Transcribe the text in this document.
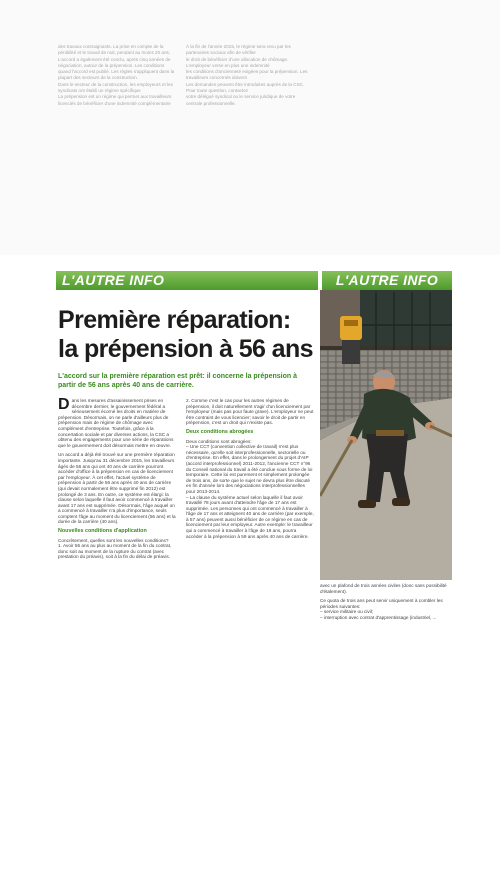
des travaux contraignants. La prise en compte de la pénibilité et le travail de nuit, pendant au moins 20 ans,
L'accord a également été conclu, après cinq années de négociation, autour de la prépension. Les conditions
quand l'accord est publié. Les règles s'appliquent dans la plupart des secteurs de la construction.
Dans le secteur de la construction, les employeurs et les syndicats ont établi un régime spécifique
La prépension est un régime qui permet aux travailleurs licenciés de bénéficier d'une indemnité complémentaire
À la fin de l'année 2015, le régime sera revu par les partenaires sociaux afin de vérifier
le droit de bénéficier d'une allocation de chômage. L'employeur verse en plus une indemnité
les conditions d'ancienneté exigées pour la prépension. Les travailleurs concernés doivent
Les demandes peuvent être introduites auprès de la CSC. Pour toute question, contactez
votre délégué syndical ou le service juridique de votre centrale professionnelle.
L'AUTRE INFO	L'AUTRE INFO
Première réparation:
la prépension à 56 ans
L'accord sur la première réparation est prêt: il concerne la prépension à partir de 56 ans après 40 ans de carrière.

Dans les mesures d'assainissement prises en décembre dernier, le gouvernement fédéral a sérieusement écorné les droits en matière de prépension. Désormais, on ne parle d'ailleurs plus de prépension mais de régime de chômage avec complément d'entreprise. Toutefois, grâce à la concertation sociale et par diverses actions, la CSC a obtenu des engagements pour une série de réparations que le gouvernement doit désormais mettre en œuvre.

Un accord a déjà été trouvé sur une première réparation importante. Jusqu'au 31 décembre 2015, les travailleurs âgés de 56 ans qui ont 40 ans de carrière pourront accéder d'office à la prépension en cas de licenciement par l'employeur. À cet effet, l'actuel système de prépension à partir de 56 ans après 40 ans de carrière (qui devait normalement être supprimé fin 2012) est prolongé de 3 ans. En outre, ce système est élargi: la clause selon laquelle il faut avoir commencé à travailler avant 17 ans est supprimée. Désormais, l'âge auquel on a commencé à travailler n'a plus d'importance, seuls comptent l'âge au moment du licenciement (56 ans) et la durée de la carrière (40 ans).

Nouvelles conditions d'application

Concrètement, quelles sont les nouvelles conditions?
1. Avoir 56 ans au plus au moment de la fin du contrat, donc soit au moment de la rupture du contrat (avec prestation du préavis), soit à la fin du délai de préavis.

2. Comme c'est le cas pour les autres régimes de prépension, il doit naturellement s'agir d'un licenciement par l'employeur (mais pas pour faute grave). L'employeur ne peut être contraint de vous licencier; savoir le droit de partir en prépension, c'est un droit qui n'existe pas.

Deux conditions abrogées

Deux conditions sont abrogées:
– Une CCT (convention collective de travail) n'est plus nécessaire, qu'elle soit interprofessionnelle, sectorielle ou d'entreprise. En effet, dans le prolongement du projet d'AIP (accord interprofessionnel) 2011-2012, l'ancienne CCT n°96 du Conseil national du travail a été conclue sous forme de loi temporaire. Cette loi est purement et simplement prolongée de trois ans, de sorte que le sujet ne devra plus être discuté en fin d'année lors des négociations interprofessionnelles pour 2013-2014.
– La clause du système actuel selon laquelle il faut avoir travaillé 78 jours avant d'atteindre l'âge de 17 ans est supprimée. Les personnes qui ont commencé à travailler à l'âge de 17 ans et atteignent 40 ans de carrière (par exemple, à 57 ans) peuvent aussi bénéficier de ce régime en cas de licenciement par leur employeur. Autre exemple: le travailleur qui a commencé à travailler à l'âge de 19 ans, pourra accéder à la prépension à 59 ans après 40 ans de carrière.

avec un plafond de trois années civiles (donc sans possibilité d'étalement).

Ce quota de trois ans peut servir uniquement à combler les périodes suivantes:
– service militaire ou civil;
– interruption avec contrat d'apprentissage (industriel, ...
